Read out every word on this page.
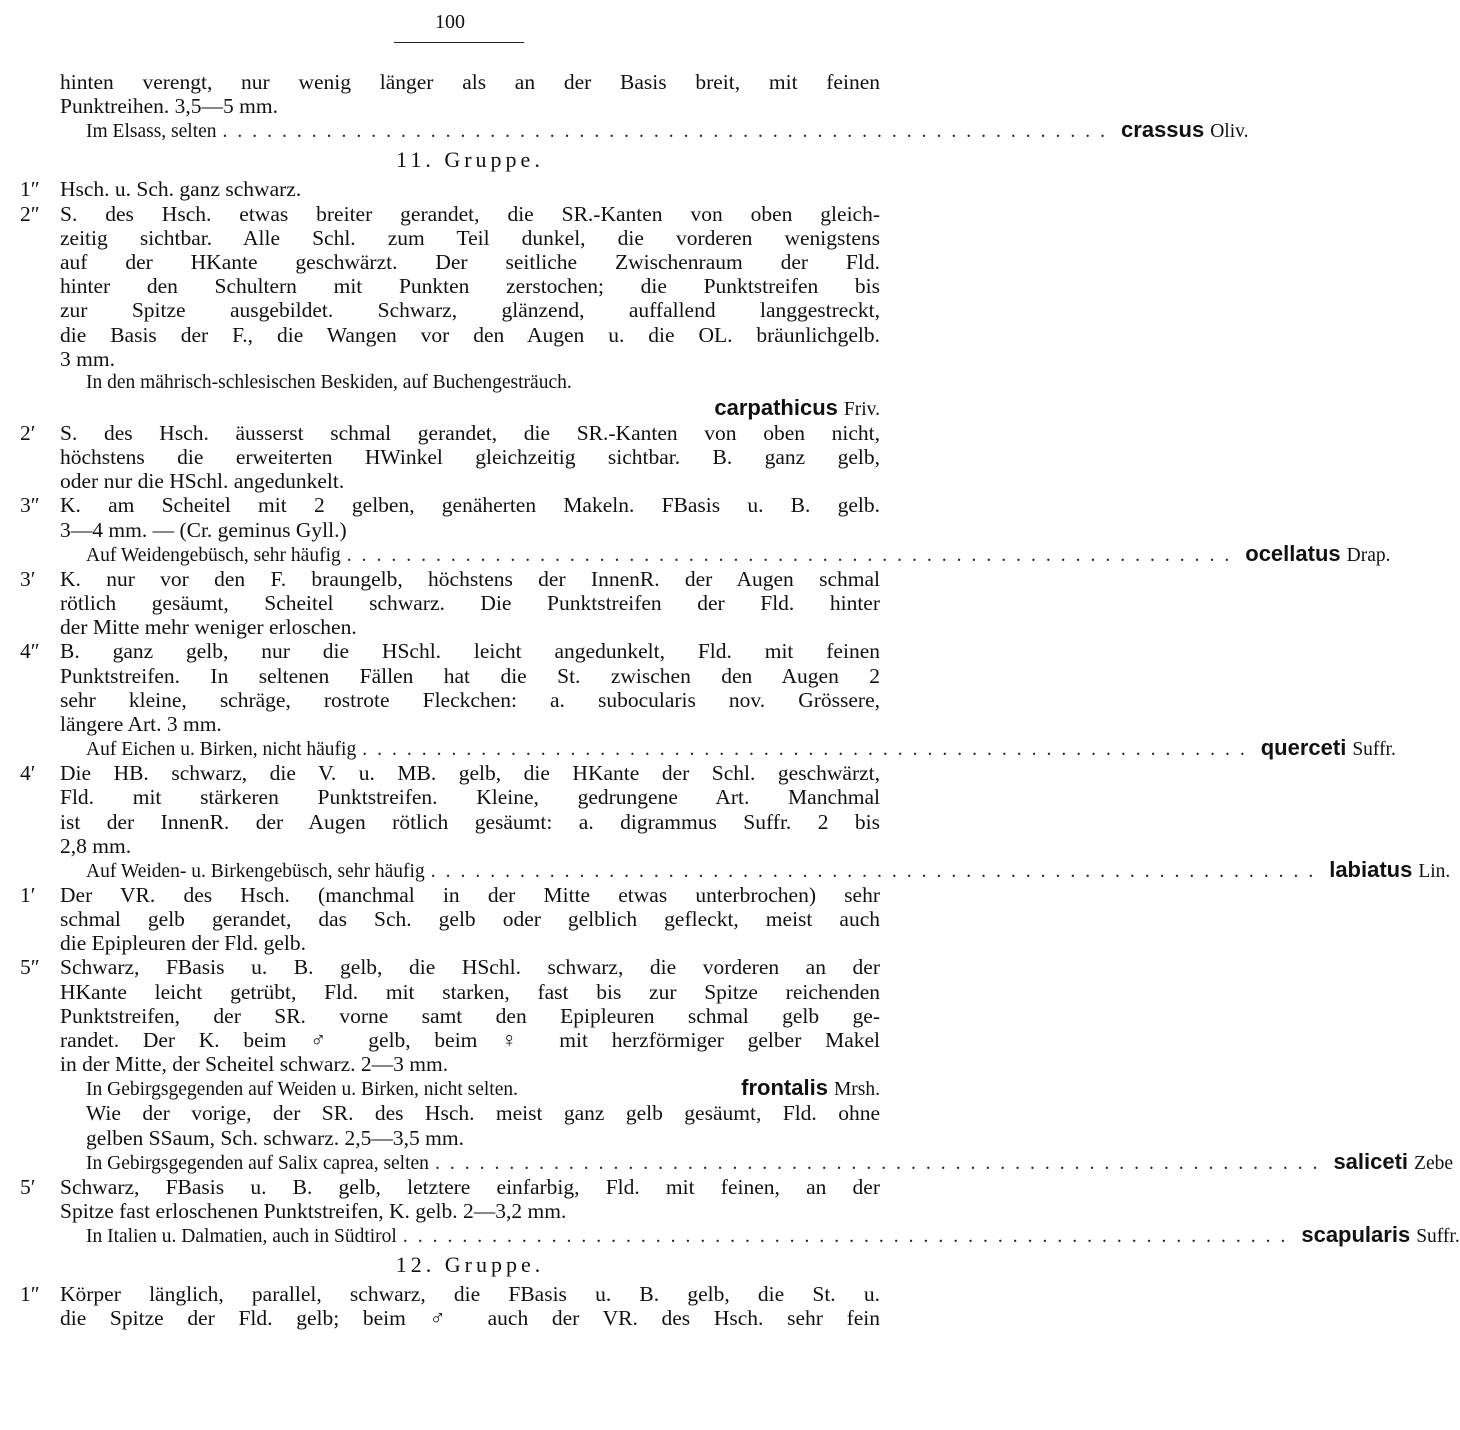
100
hinten verengt, nur wenig länger als an der Basis breit, mit feinen
Punktreihen. 3,5—5 mm.
Im Elsass, selten ............................................................ crassus Oliv.
11. Gruppe.
1″ Hsch. u. Sch. ganz schwarz.
2″ S. des Hsch. etwas breiter gerandet, die SR.-Kanten von oben gleich-
zeitig sichtbar. Alle Schl. zum Teil dunkel, die vorderen wenigstens
auf der HKante geschwärzt. Der seitliche Zwischenraum der Fld.
hinter den Schultern mit Punkten zerstochen; die Punktstreifen bis
zur Spitze ausgebildet. Schwarz, glänzend, auffallend langgestreckt,
die Basis der F., die Wangen vor den Augen u. die OL. bräunlichgelb.
3 mm.
In den mährisch-schlesischen Beskiden, auf Buchengesträuch.
carpathicus Friv.
2′	S. des Hsch. äusserst schmal gerandet, die SR.-Kanten von oben nicht,
höchstens die erweiterten HWinkel gleichzeitig sichtbar. B. ganz gelb,
oder nur die HSchl. angedunkelt.
3″ K. am Scheitel mit 2 gelben, genäherten Makeln. FBasis u. B. gelb.
3—4 mm. — (Cr. geminus Gyll.)
Auf Weidengebüsch, sehr häufig ............................................................ ocellatus Drap.
3′	K. nur vor den F. braungelb, höchstens der InnenR. der Augen schmal
rötlich gesäumt, Scheitel schwarz. Die Punktstreifen der Fld. hinter
der Mitte mehr weniger erloschen.
4″ B. ganz gelb, nur die HSchl. leicht angedunkelt, Fld. mit feinen
Punktstreifen. In seltenen Fällen hat die St. zwischen den Augen 2
sehr kleine, schräge, rostrote Fleckchen: a. subocularis nov. Grössere,
längere Art. 3 mm.
Auf Eichen u. Birken, nicht häufig ............................................................ querceti Suffr.
4′	Die HB. schwarz, die V. u. MB. gelb, die HKante der Schl. geschwärzt,
Fld. mit stärkeren Punktstreifen. Kleine, gedrungene Art. Manchmal
ist der InnenR. der Augen rötlich gesäumt: a. digrammus Suffr. 2 bis
2,8 mm.
Auf Weiden- u. Birkengebüsch, sehr häufig ............................................................ labiatus Lin.
1′	Der VR. des Hsch. (manchmal in der Mitte etwas unterbrochen) sehr
schmal gelb gerandet, das Sch. gelb oder gelblich gefleckt, meist auch
die Epipleuren der Fld. gelb.
5″ Schwarz, FBasis u. B. gelb, die HSchl. schwarz, die vorderen an der
HKante leicht getrübt, Fld. mit starken, fast bis zur Spitze reichenden
Punktstreifen, der SR. vorne samt den Epipleuren schmal gelb ge-
randet. Der K. beim ♂ gelb, beim ♀ mit herzförmiger gelber Makel
in der Mitte, der Scheitel schwarz. 2—3 mm.
In Gebirgsgegenden auf Weiden u. Birken, nicht selten.	frontalis Mrsh.
Wie der vorige, der SR. des Hsch. meist ganz gelb gesäumt, Fld. ohne
gelben SSaum, Sch. schwarz. 2,5—3,5 mm.
In Gebirgsgegenden auf Salix caprea, selten ............................................................ saliceti Zebe
5′	Schwarz, FBasis u. B. gelb, letztere einfarbig, Fld. mit feinen, an der
Spitze fast erloschenen Punktstreifen, K. gelb. 2—3,2 mm.
In Italien u. Dalmatien, auch in Südtirol ............................................................ scapularis Suffr.
12. Gruppe.
1″ Körper länglich, parallel, schwarz, die FBasis u. B. gelb, die St. u.
die Spitze der Fld. gelb; beim ♂ auch der VR. des Hsch. sehr fein
